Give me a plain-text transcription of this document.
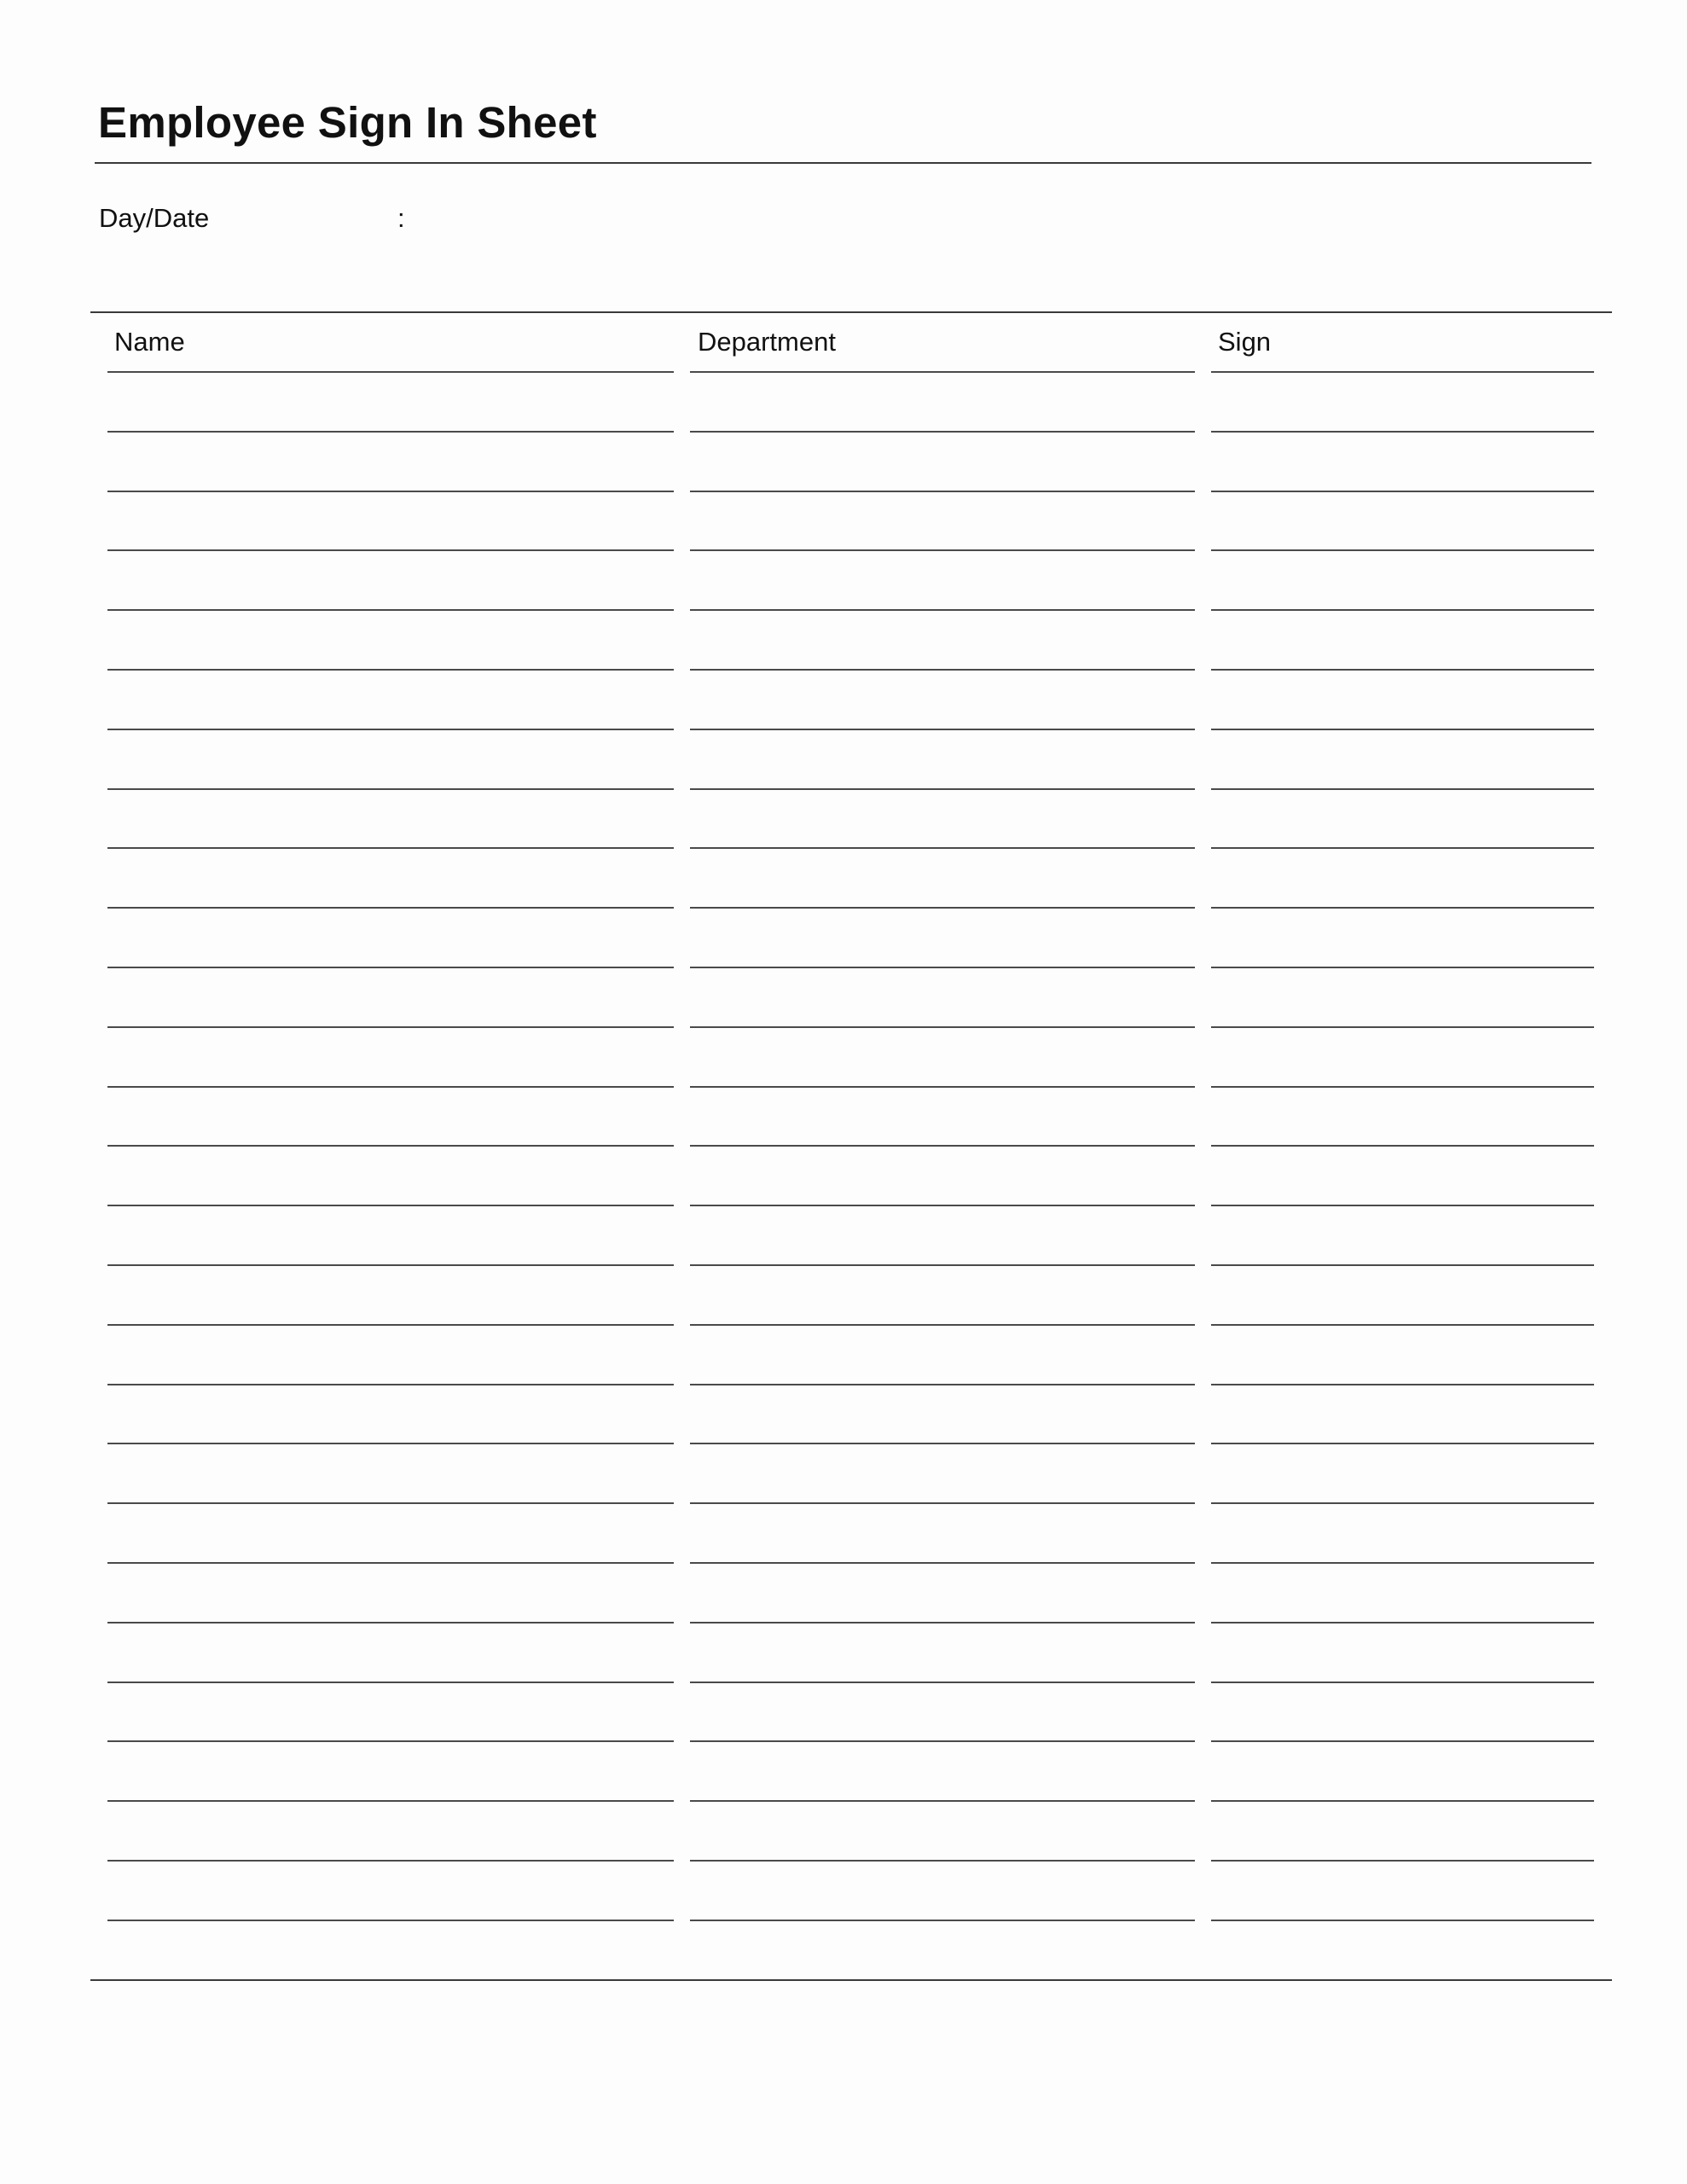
Employee Sign In Sheet
Day/Date	:
Name	Department	Sign
